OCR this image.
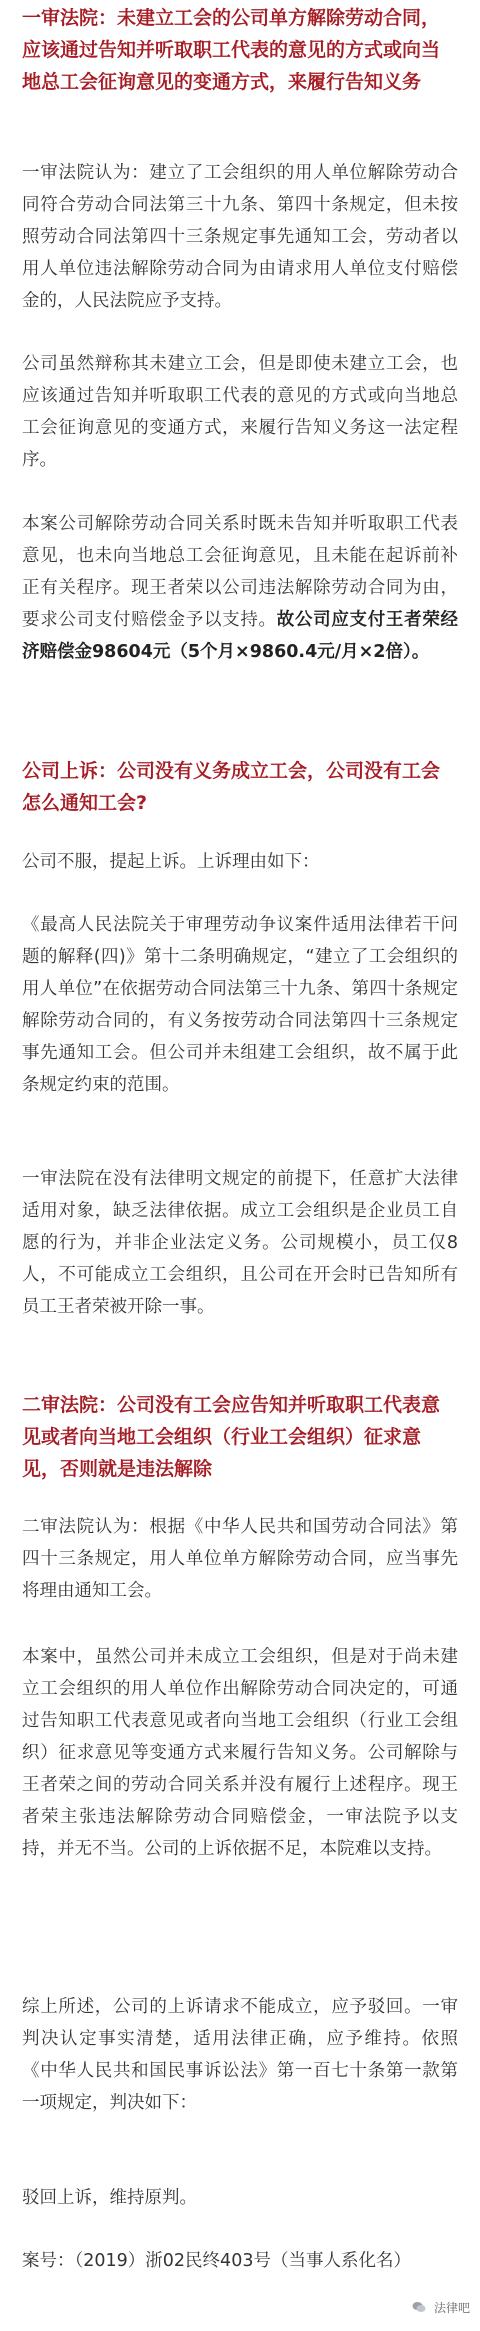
一审法院：未建立工会的公司单方解除劳动合同，应该通过告知并听取职工代表的意见的方式或向当地总工会征询意见的变通方式，来履行告知义务

一审法院认为：建立了工会组织的用人单位解除劳动合同符合劳动合同法第三十九条、第四十条规定，但未按照劳动合同法第四十三条规定事先通知工会，劳动者以用人单位违法解除劳动合同为由请求用人单位支付赔偿金的，人民法院应予支持。

公司虽然辩称其未建立工会，但是即使未建立工会，也应该通过告知并听取职工代表的意见的方式或向当地总工会征询意见的变通方式，来履行告知义务这一法定程序。

本案公司解除劳动合同关系时既未告知并听取职工代表意见，也未向当地总工会征询意见，且未能在起诉前补正有关程序。现王者荣以公司违法解除劳动合同为由，要求公司支付赔偿金予以支持。故公司应支付王者荣经济赔偿金98604元（5个月×9860.4元/月×2倍）。

公司上诉：公司没有义务成立工会，公司没有工会怎么通知工会?

公司不服，提起上诉。上诉理由如下：

《最高人民法院关于审理劳动争议案件适用法律若干问题的解释(四)》第十二条明确规定，“建立了工会组织的用人单位”在依据劳动合同法第三十九条、第四十条规定解除劳动合同的，有义务按劳动合同法第四十三条规定事先通知工会。但公司并未组建工会组织，故不属于此条规定约束的范围。

一审法院在没有法律明文规定的前提下，任意扩大法律适用对象，缺乏法律依据。成立工会组织是企业员工自愿的行为，并非企业法定义务。公司规模小，员工仅8人，不可能成立工会组织，且公司在开会时已告知所有员工王者荣被开除一事。

二审法院：公司没有工会应告知并听取职工代表意见或者向当地工会组织（行业工会组织）征求意见，否则就是违法解除

二审法院认为：根据《中华人民共和国劳动合同法》第四十三条规定，用人单位单方解除劳动合同，应当事先将理由通知工会。

本案中，虽然公司并未成立工会组织，但是对于尚未建立工会组织的用人单位作出解除劳动合同决定的，可通过告知职工代表意见或者向当地工会组织（行业工会组织）征求意见等变通方式来履行告知义务。公司解除与王者荣之间的劳动合同关系并没有履行上述程序。现王者荣主张违法解除劳动合同赔偿金，一审法院予以支持，并无不当。公司的上诉依据不足，本院难以支持。

综上所述，公司的上诉请求不能成立，应予驳回。一审判决认定事实清楚，适用法律正确，应予维持。依照《中华人民共和国民事诉讼法》第一百七十条第一款第一项规定，判决如下：

驳回上诉，维持原判。

案号：（2019）浙02民终403号（当事人系化名）

法律吧
